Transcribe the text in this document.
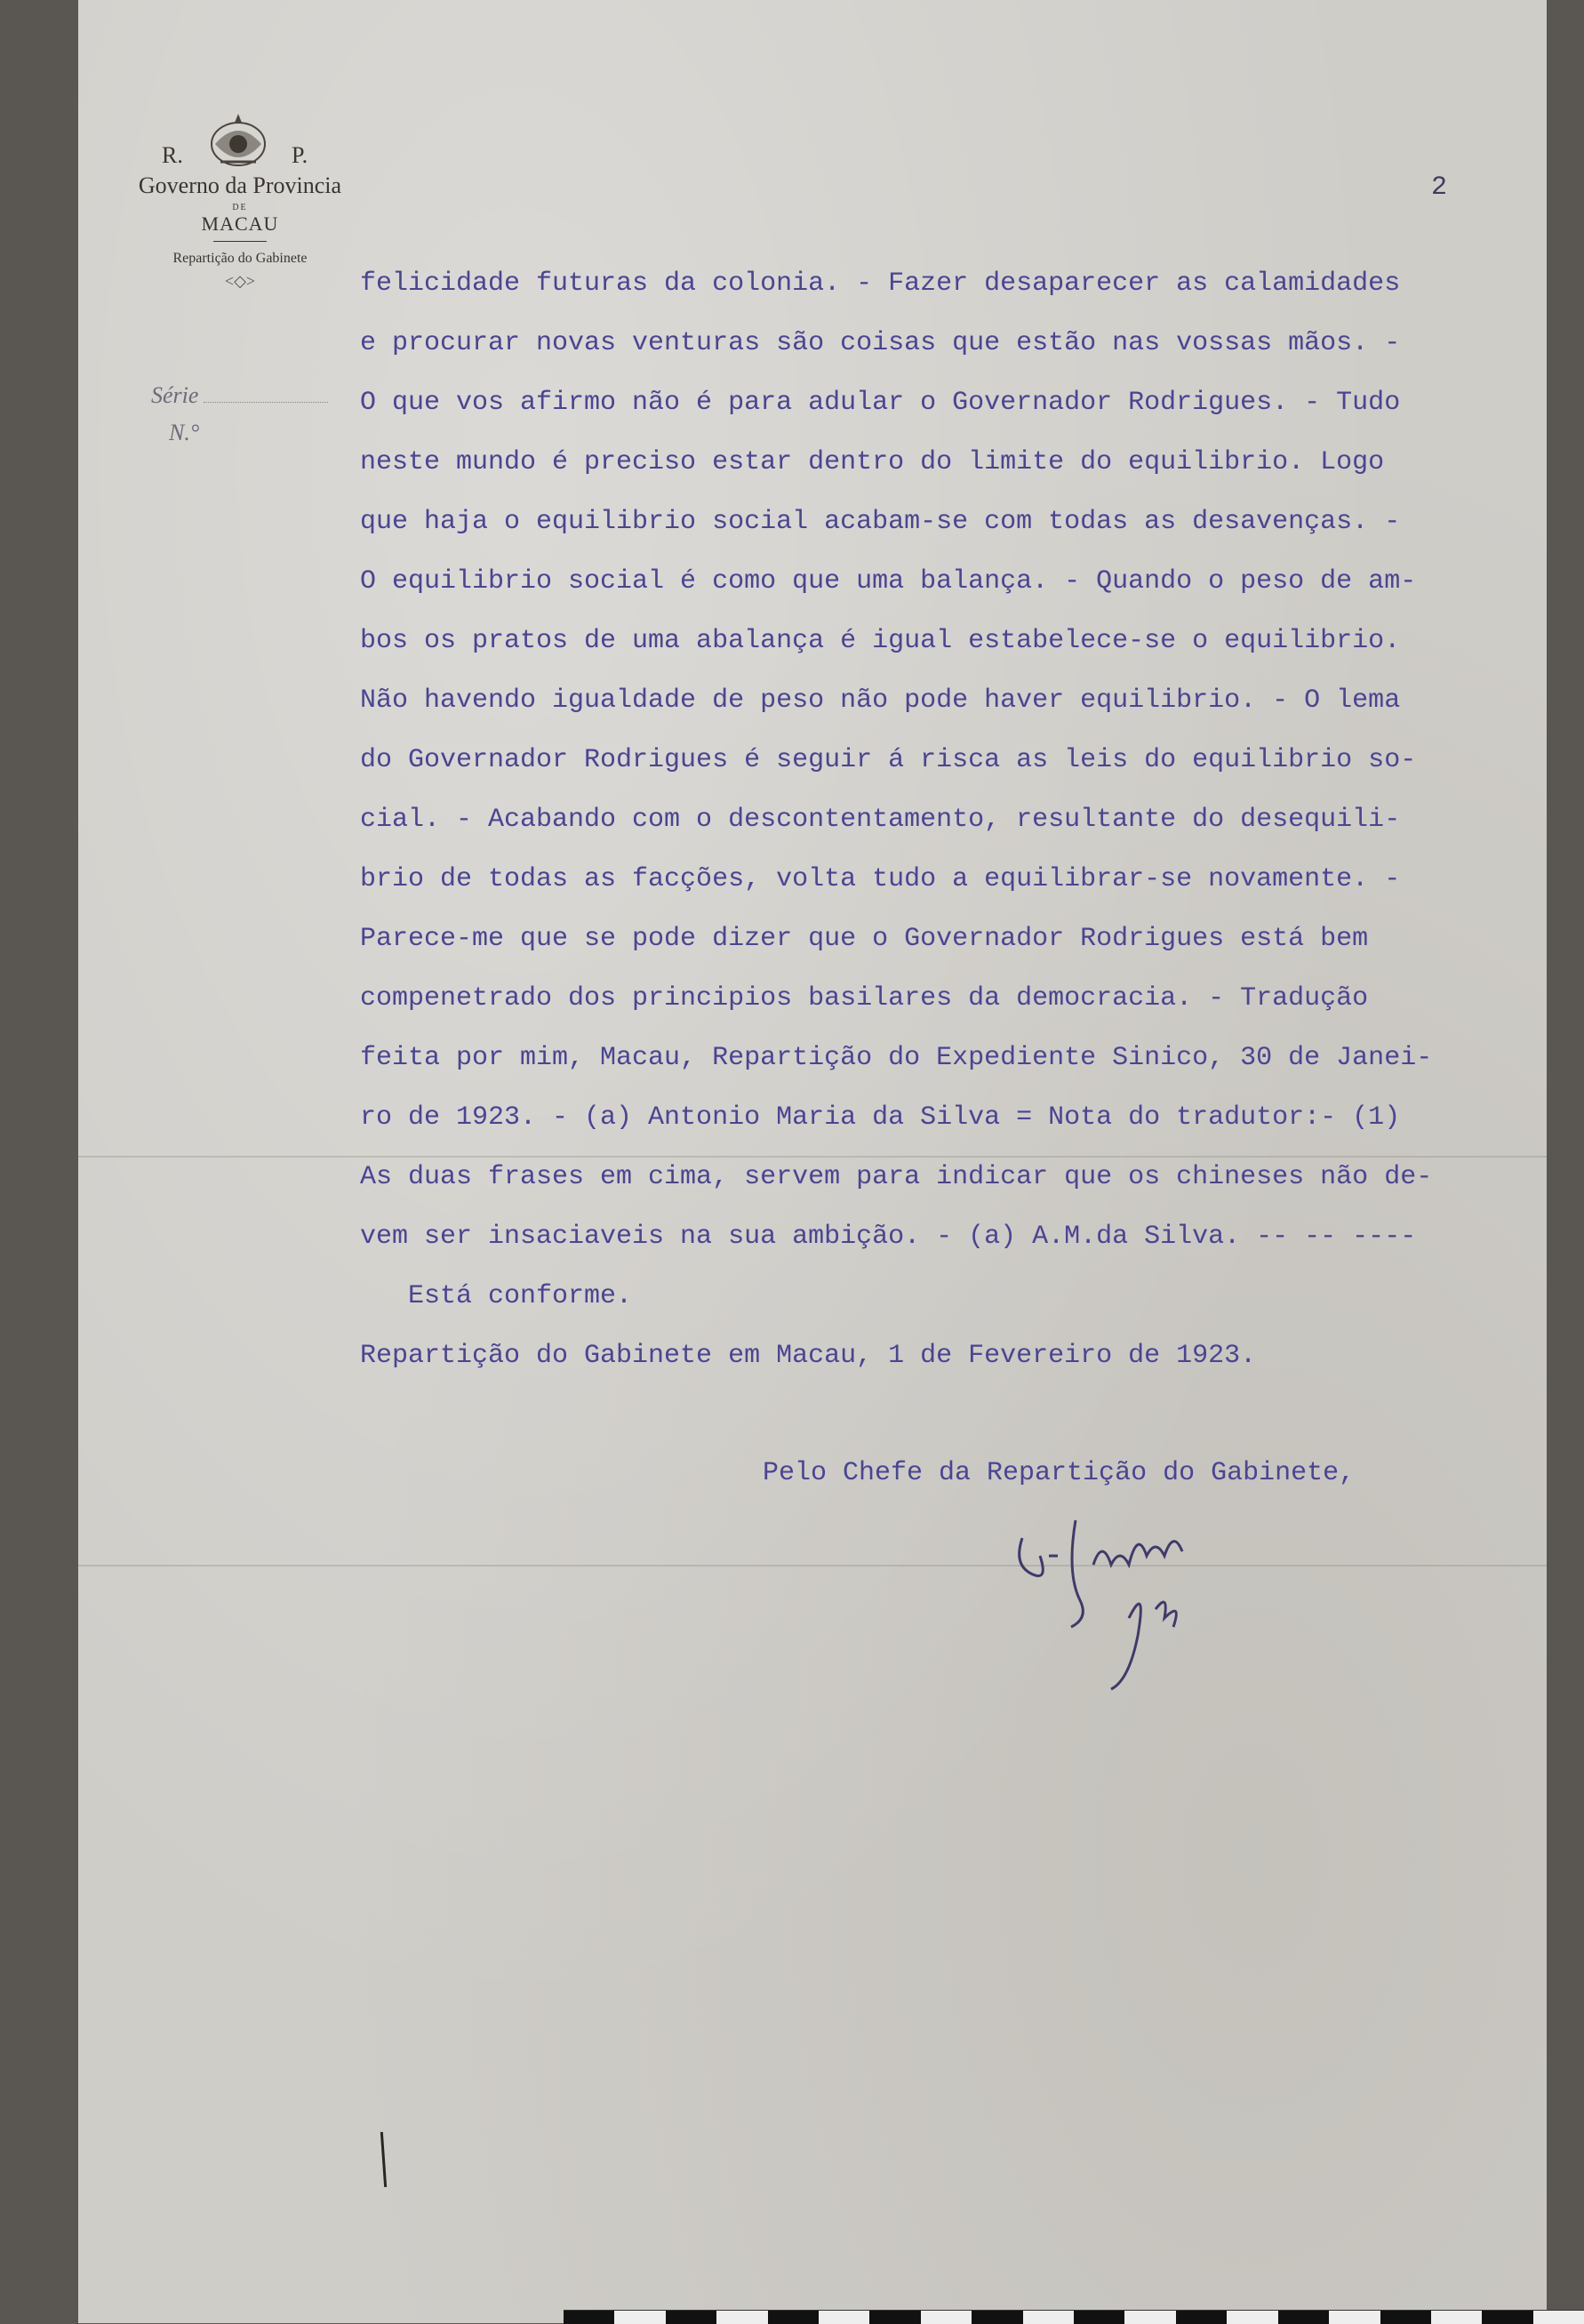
R.	P.
Governo da Provincia
DE
MACAU
Repartição do Gabinete
<◇>
Série
N.°
2
felicidade futuras da colonia. - Fazer desaparecer as calamidades
e procurar novas venturas são coisas que estão nas vossas mãos. -
O que vos afirmo não é para adular o Governador Rodrigues. - Tudo
neste mundo é preciso estar dentro do limite do equilibrio. Logo
que haja o equilibrio social acabam-se com todas as desavenças. -
O equilibrio social é como que uma balança. - Quando o peso de am-
bos os pratos de uma abalança é igual estabelece-se o equilibrio.
Não havendo igualdade de peso não pode haver equilibrio. - O lema
do Governador Rodrigues é seguir á risca as leis do equilibrio so-
cial. - Acabando com o descontentamento, resultante do desequili-
brio de todas as facções, volta tudo a equilibrar-se novamente. -
Parece-me que se pode dizer que o Governador Rodrigues está bem
compenetrado dos principios basilares da democracia. - Tradução
feita por mim, Macau, Repartição do Expediente Sinico, 30 de Janei-
ro de 1923. - (a) Antonio Maria da Silva = Nota do tradutor:- (1)
As duas frases em cima, servem para indicar que os chineses não de-
vem ser insaciaveis na sua ambição. - (a) A.M.da Silva. -- -- ----
Está conforme.
Repartição do Gabinete em Macau, 1 de Fevereiro de 1923.
Pelo Chefe da Repartição do Gabinete,
